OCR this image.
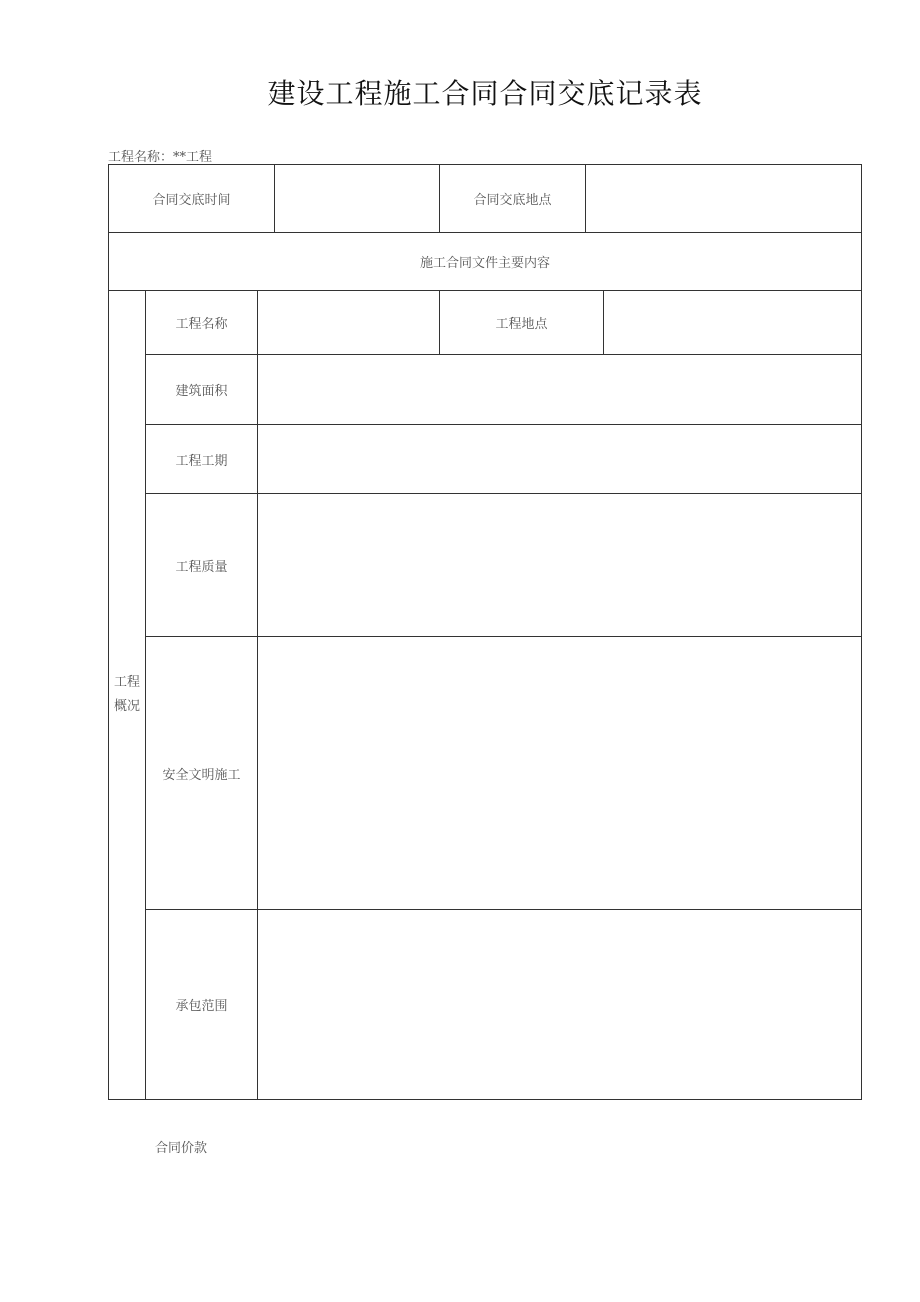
建设工程施工合同合同交底记录表
工程名称：**工程
合同交底时间	合同交底地点
施工合同文件主要内容
工程
概况
工程名称	工程地点
建筑面积
工程工期
工程质量
安全文明施工
承包范围
合同价款
